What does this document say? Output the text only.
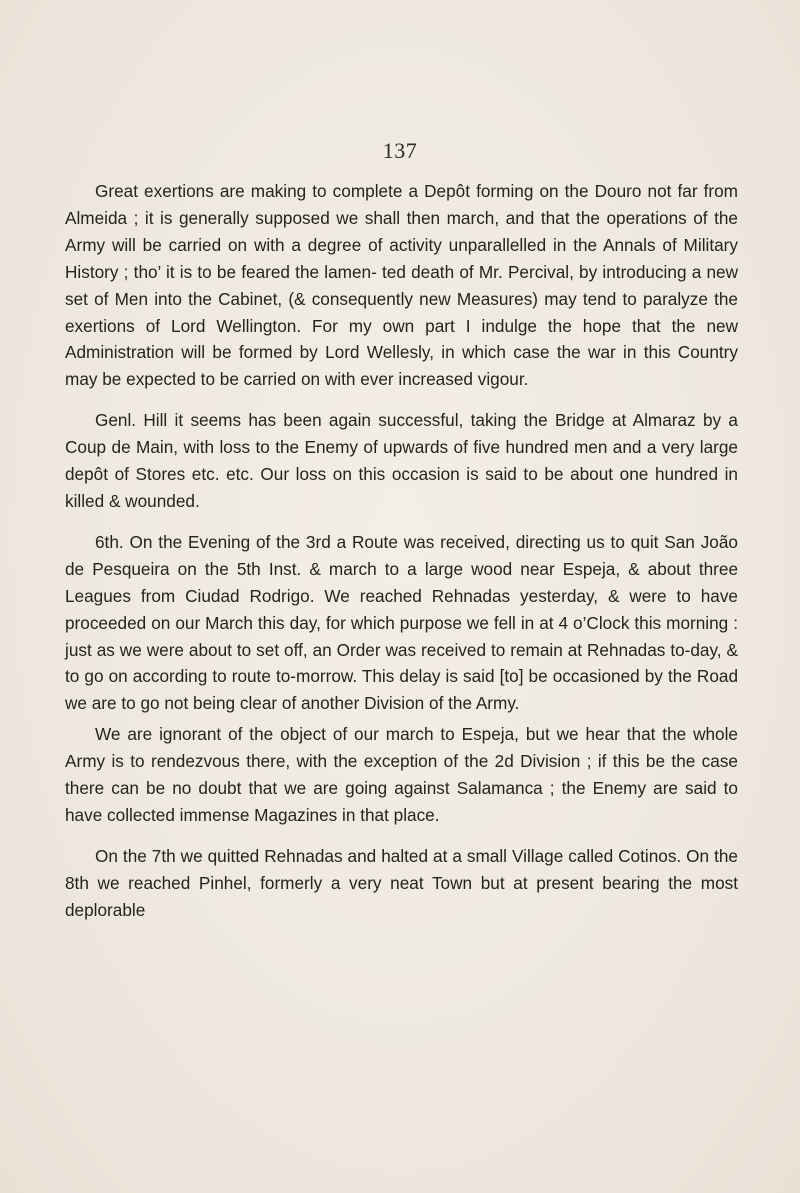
137

Great exertions are making to complete a Depôt forming on the Douro not far from Almeida ; it is generally supposed we shall then march, and that the operations of the Army will be carried on with a degree of activity unparallelled in the Annals of Military History ; tho’ it is to be feared the lamen- ted death of Mr. Percival, by introducing a new set of Men into the Cabinet, (& consequently new Measures) may tend to paralyze the exertions of Lord Wellington. For my own part I indulge the hope that the new Administration will be formed by Lord Wellesly, in which case the war in this Country may be expected to be carried on with ever increased vigour.

Genl. Hill it seems has been again successful, taking the Bridge at Almaraz by a Coup de Main, with loss to the Enemy of upwards of five hundred men and a very large depôt of Stores etc. etc. Our loss on this occasion is said to be about one hundred in killed & wounded.

6th. On the Evening of the 3rd a Route was received, directing us to quit San João de Pesqueira on the 5th Inst. & march to a large wood near Espeja, & about three Leagues from Ciudad Rodrigo. We reached Rehnadas yesterday, & were to have proceeded on our March this day, for which purpose we fell in at 4 o’Clock this morning : just as we were about to set off, an Order was received to remain at Rehnadas to-day, & to go on according to route to-morrow. This delay is said [to] be occasioned by the Road we are to go not being clear of another Division of the Army.

We are ignorant of the object of our march to Espeja, but we hear that the whole Army is to rendezvous there, with the exception of the 2d Division ; if this be the case there can be no doubt that we are going against Salamanca ; the Enemy are said to have collected immense Magazines in that place.

On the 7th we quitted Rehnadas and halted at a small Village called Cotinos. On the 8th we reached Pinhel, formerly a very neat Town but at present bearing the most deplorable
